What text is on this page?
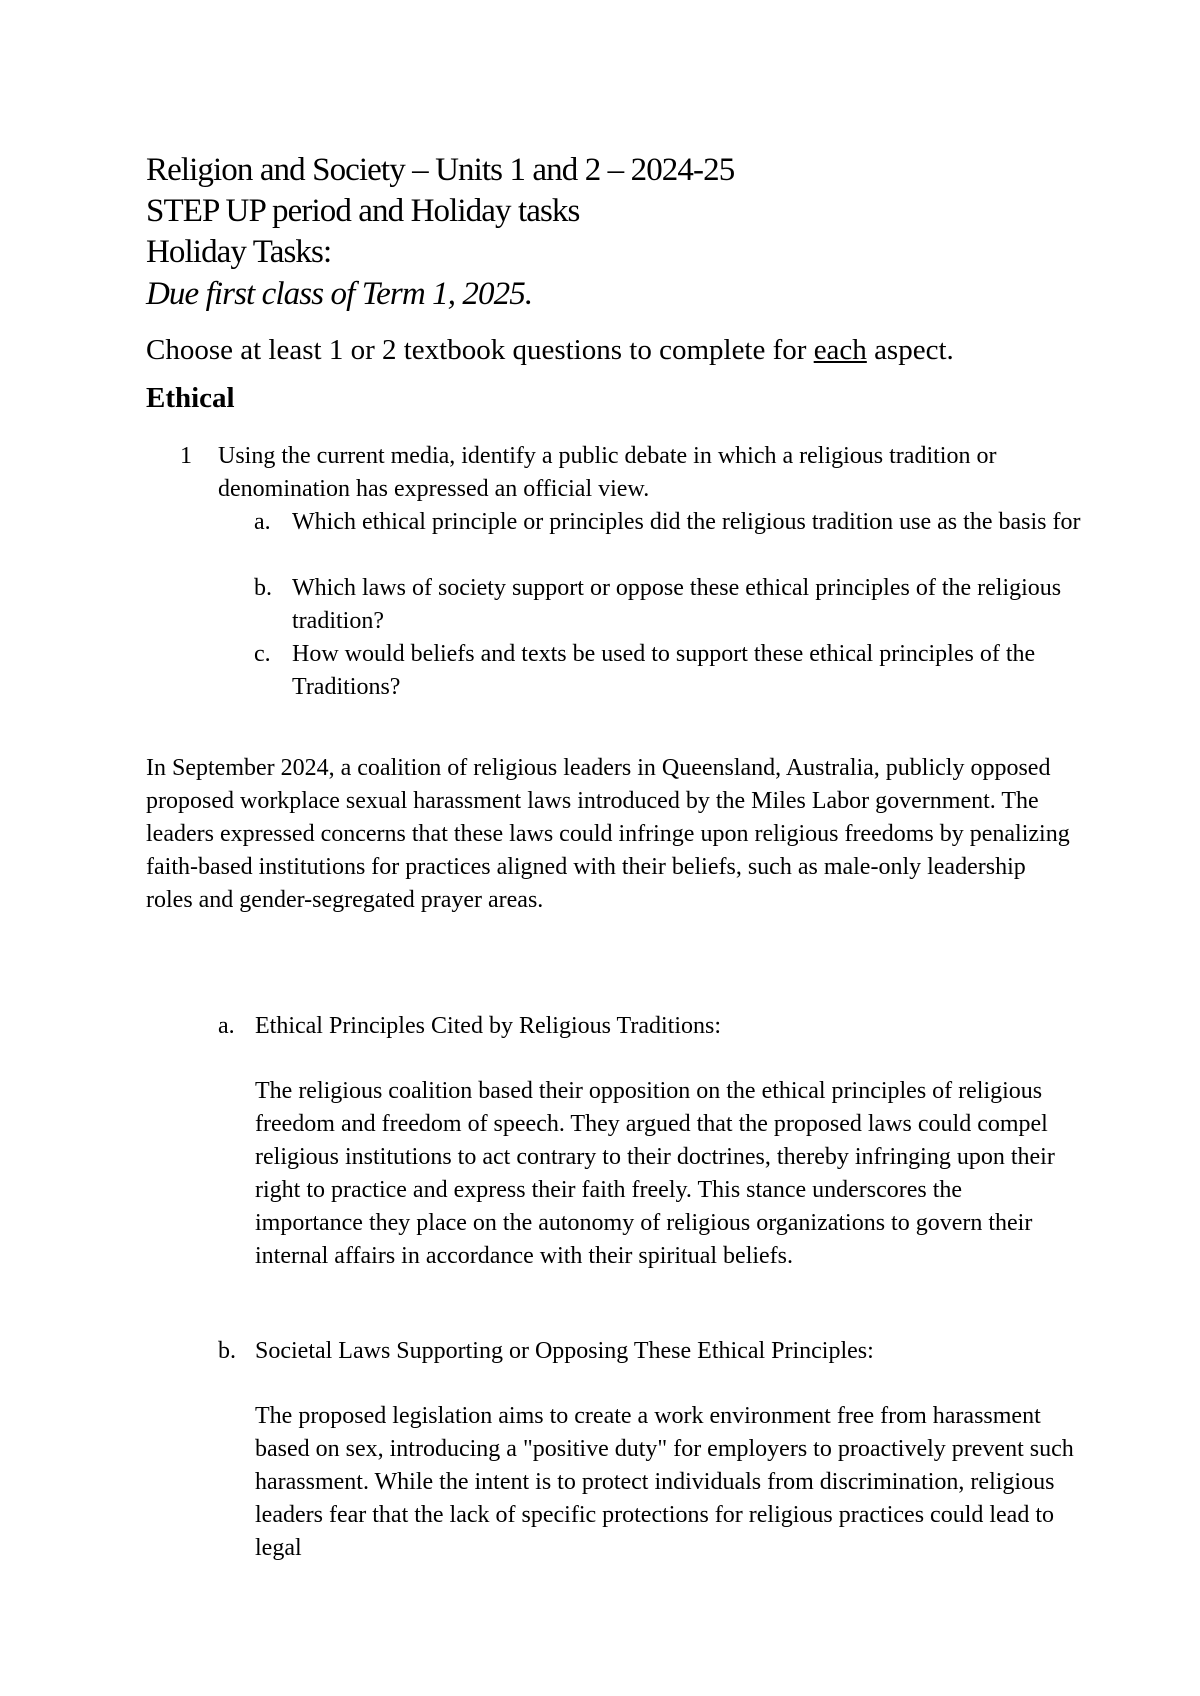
Religion and Society – Units 1 and 2 – 2024-25
STEP UP period and Holiday tasks
Holiday Tasks:
Due first class of Term 1, 2025.
Choose at least 1 or 2 textbook questions to complete for each aspect.
Ethical
1 Using the current media, identify a public debate in which a religious tradition or denomination has expressed an official view.
a. Which ethical principle or principles did the religious tradition use as the basis for
b. Which laws of society support or oppose these ethical principles of the religious tradition?
c. How would beliefs and texts be used to support these ethical principles of the Traditions?
In September 2024, a coalition of religious leaders in Queensland, Australia, publicly opposed proposed workplace sexual harassment laws introduced by the Miles Labor government. The leaders expressed concerns that these laws could infringe upon religious freedoms by penalizing faith-based institutions for practices aligned with their beliefs, such as male-only leadership roles and gender-segregated prayer areas.
a. Ethical Principles Cited by Religious Traditions:
The religious coalition based their opposition on the ethical principles of religious freedom and freedom of speech. They argued that the proposed laws could compel religious institutions to act contrary to their doctrines, thereby infringing upon their right to practice and express their faith freely. This stance underscores the importance they place on the autonomy of religious organizations to govern their internal affairs in accordance with their spiritual beliefs.
b. Societal Laws Supporting or Opposing These Ethical Principles:
The proposed legislation aims to create a work environment free from harassment based on sex, introducing a "positive duty" for employers to proactively prevent such harassment. While the intent is to protect individuals from discrimination, religious leaders fear that the lack of specific protections for religious practices could lead to legal
